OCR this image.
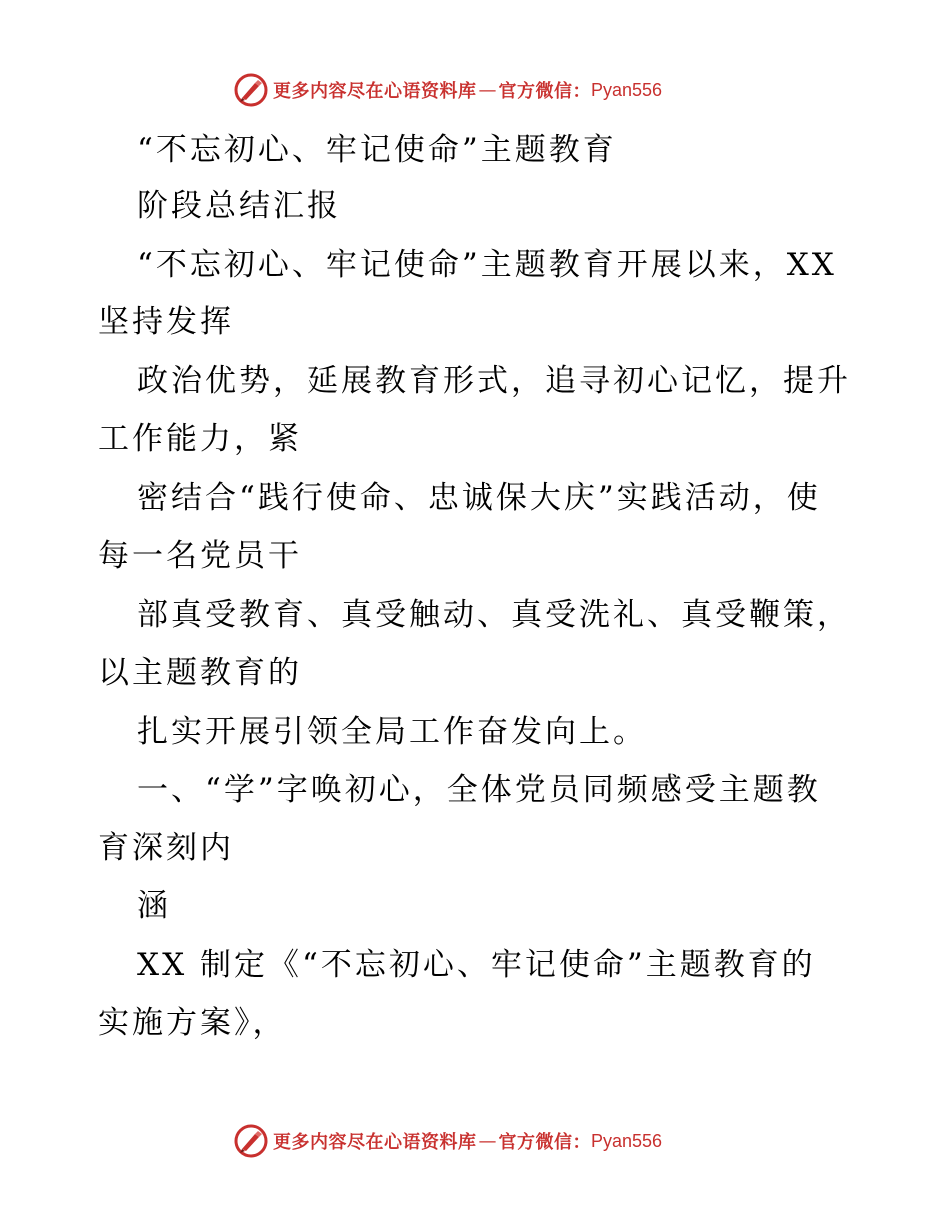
更多内容尽在心语资料库 — 官方微信： Pyan556
“不忘初心、牢记使命”主题教育
阶段总结汇报
“不忘初心、牢记使命”主题教育开展以来，XX
坚持发挥
政治优势，延展教育形式，追寻初心记忆，提升
工作能力，紧
密结合“践行使命、忠诚保大庆”实践活动，使
每一名党员干
部真受教育、真受触动、真受洗礼、真受鞭策，
以主题教育的
扎实开展引领全局工作奋发向上。
一、“学”字唤初心，全体党员同频感受主题教
育深刻内
涵
XX 制定《“不忘初心、牢记使命”主题教育的
实施方案》，
更多内容尽在心语资料库 — 官方微信： Pyan556
